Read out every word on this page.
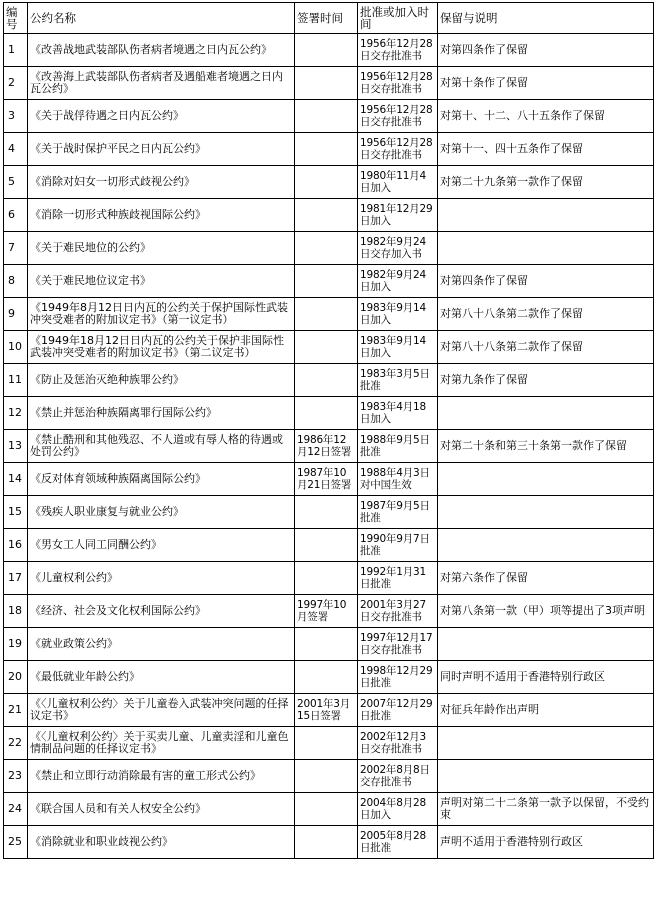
编号	公约名称	签署时间	批准或加入时间	保留与说明
1	《改善战地武装部队伤者病者境遇之日内瓦公约》		1956年12月28日交存批准书	对第四条作了保留
2	《改善海上武装部队伤者病者及遇船难者境遇之日内瓦公约》		1956年12月28日交存批准书	对第十条作了保留
3	《关于战俘待遇之日内瓦公约》		1956年12月28日交存批准书	对第十、十二、八十五条作了保留
4	《关于战时保护平民之日内瓦公约》		1956年12月28日交存批准书	对第十一、四十五条作了保留
5	《消除对妇女一切形式歧视公约》		1980年11月4日加入	对第二十九条第一款作了保留
6	《消除一切形式种族歧视国际公约》		1981年12月29日加入	
7	《关于难民地位的公约》		1982年9月24日交存加入书	
8	《关于难民地位议定书》		1982年9月24日加入	对第四条作了保留
9	《1949年8月12日日内瓦的公约关于保护国际性武装冲突受难者的附加议定书》（第一议定书）		1983年9月14日加入	对第八十八条第二款作了保留
10	《1949年18月12日日内瓦的公约关于保护非国际性武装冲突受难者的附加议定书》（第二议定书）		1983年9月14日加入	对第八十八条第二款作了保留
11	《防止及惩治灭绝种族罪公约》		1983年3月5日批准	对第九条作了保留
12	《禁止并惩治种族隔离罪行国际公约》		1983年4月18日加入	
13	《禁止酷刑和其他残忍、不人道或有辱人格的待遇或处罚公约》	1986年12月12日签署	1988年9月5日批准	对第二十条和第三十条第一款作了保留
14	《反对体育领域种族隔离国际公约》	1987年10月21日签署	1988年4月3日对中国生效	
15	《残疾人职业康复与就业公约》		1987年9月5日批准	
16	《男女工人同工同酬公约》		1990年9月7日批准	
17	《儿童权利公约》		1992年1月31日批准	对第六条作了保留
18	《经济、社会及文化权利国际公约》	1997年10月签署	2001年3月27日交存批准书	对第八条第一款（甲）项等提出了3项声明
19	《就业政策公约》		1997年12月17日交存批准书	
20	《最低就业年龄公约》		1998年12月29日批准	同时声明不适用于香港特别行政区
21	《〈儿童权利公约〉关于儿童卷入武装冲突问题的任择议定书》	2001年3月15日签署	2007年12月29日批准	对征兵年龄作出声明
22	《〈儿童权利公约〉关于买卖儿童、儿童卖淫和儿童色情制品问题的任择议定书》		2002年12月3日交存批准书	
23	《禁止和立即行动消除最有害的童工形式公约》		2002年8月8日交存批准书	
24	《联合国人员和有关人权安全公约》		2004年8月28日加入	声明对第二十二条第一款予以保留，不受约束
25	《消除就业和职业歧视公约》		2005年8月28日批准	声明不适用于香港特别行政区
